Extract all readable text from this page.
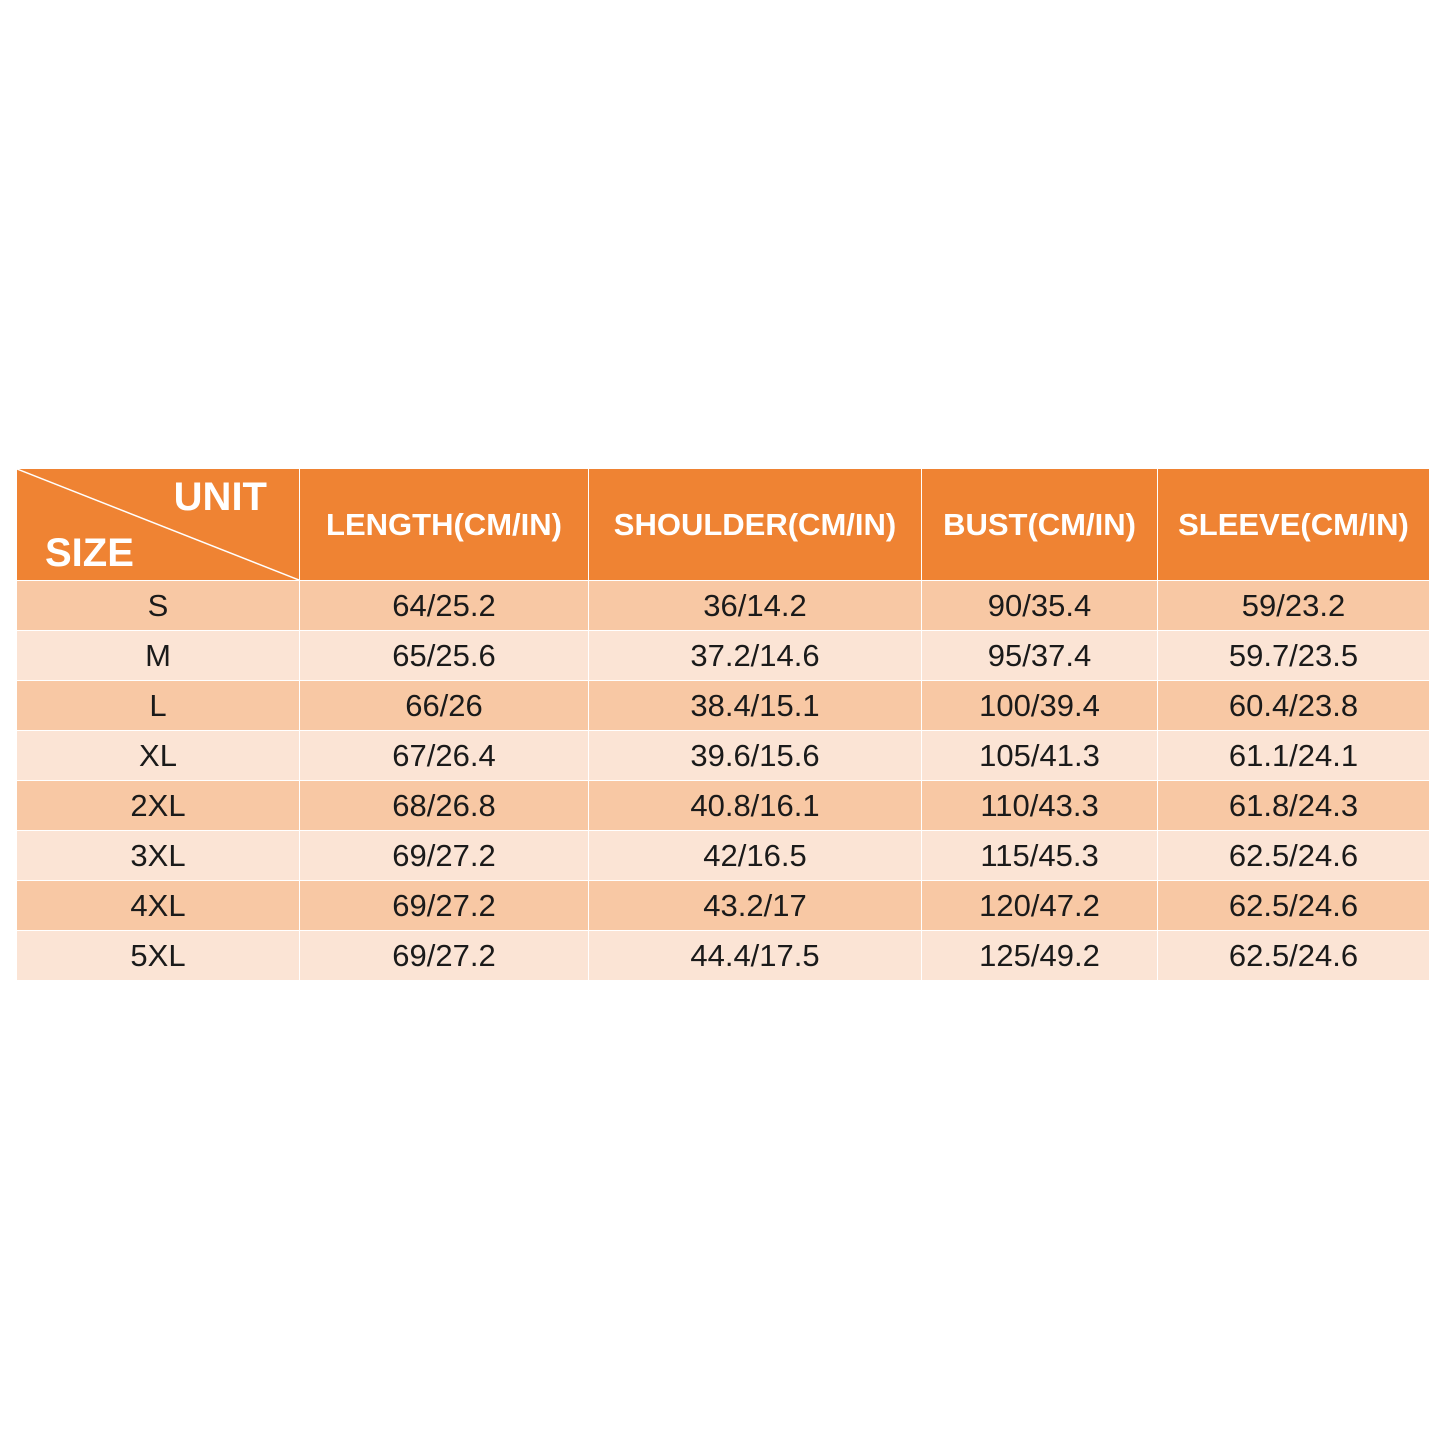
UNIT
SIZE	LENGTH(CM/IN)	SHOULDER(CM/IN)	BUST(CM/IN)	SLEEVE(CM/IN)
S	64/25.2	36/14.2	90/35.4	59/23.2
M	65/25.6	37.2/14.6	95/37.4	59.7/23.5
L	66/26	38.4/15.1	100/39.4	60.4/23.8
XL	67/26.4	39.6/15.6	105/41.3	61.1/24.1
2XL	68/26.8	40.8/16.1	110/43.3	61.8/24.3
3XL	69/27.2	42/16.5	115/45.3	62.5/24.6
4XL	69/27.2	43.2/17	120/47.2	62.5/24.6
5XL	69/27.2	44.4/17.5	125/49.2	62.5/24.6
